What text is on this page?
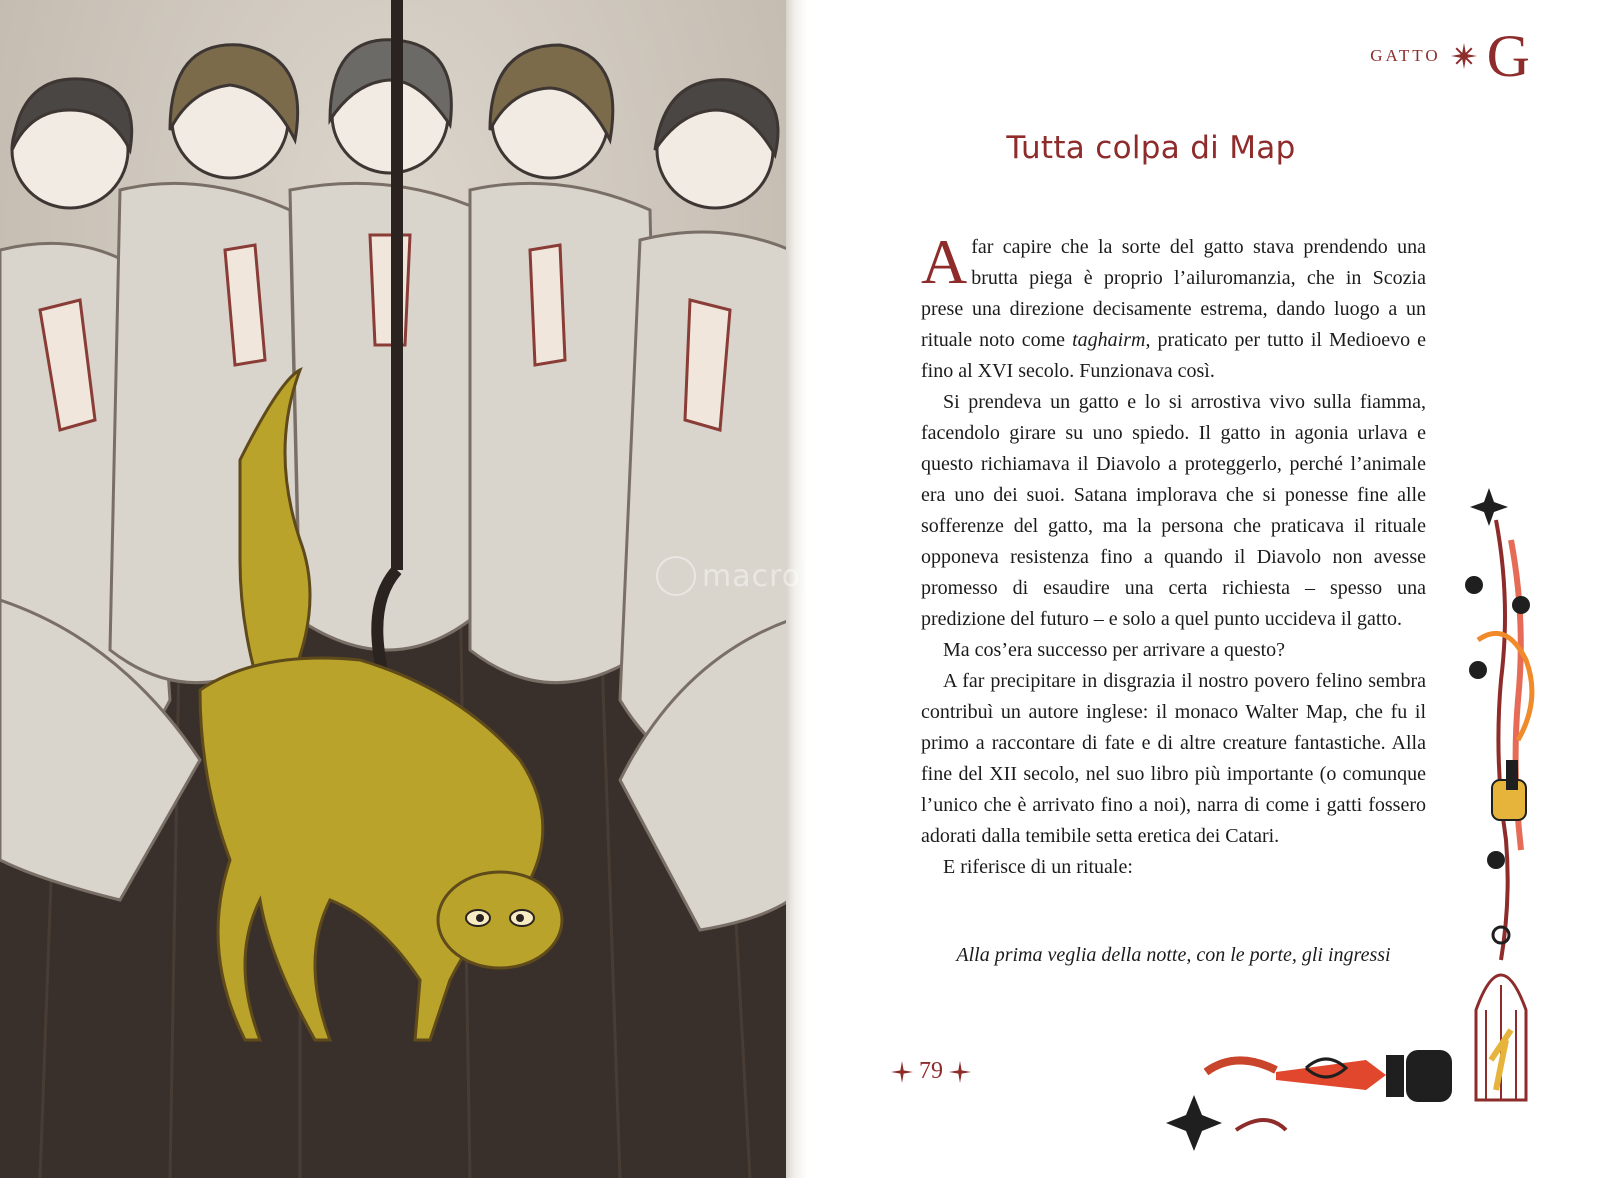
GATTO G
Tutta colpa di Map

A far capire che la sorte del gatto stava prendendo una brutta piega è proprio l’ailuromanzia, che in Scozia prese una direzione decisamente estrema, dando luogo a un rituale noto come taghairm, praticato per tutto il Medioevo e fino al XVI secolo. Funzionava così.

Si prendeva un gatto e lo si arrostiva vivo sulla fiamma, facendolo girare su uno spiedo. Il gatto in agonia urlava e questo richiamava il Diavolo a proteggerlo, perché l’animale era uno dei suoi. Satana implorava che si ponesse fine alle sofferenze del gatto, ma la persona che praticava il rituale opponeva resistenza fino a quando il Diavolo non avesse promesso di esaudire una certa richiesta – spesso una predizione del futuro – e solo a quel punto uccideva il gatto.

Ma cos’era successo per arrivare a questo?

A far precipitare in disgrazia il nostro povero felino sembra contribuì un autore inglese: il monaco Walter Map, che fu il primo a raccontare di fate e di altre creature fantastiche. Alla fine del XII secolo, nel suo libro più importante (o comunque l’unico che è arrivato fino a noi), narra di come i gatti fossero adorati dalla temibile setta eretica dei Catari.

E riferisce di un rituale:

Alla prima veglia della notte, con le porte, gli ingressi
79
macrolibrarsi
